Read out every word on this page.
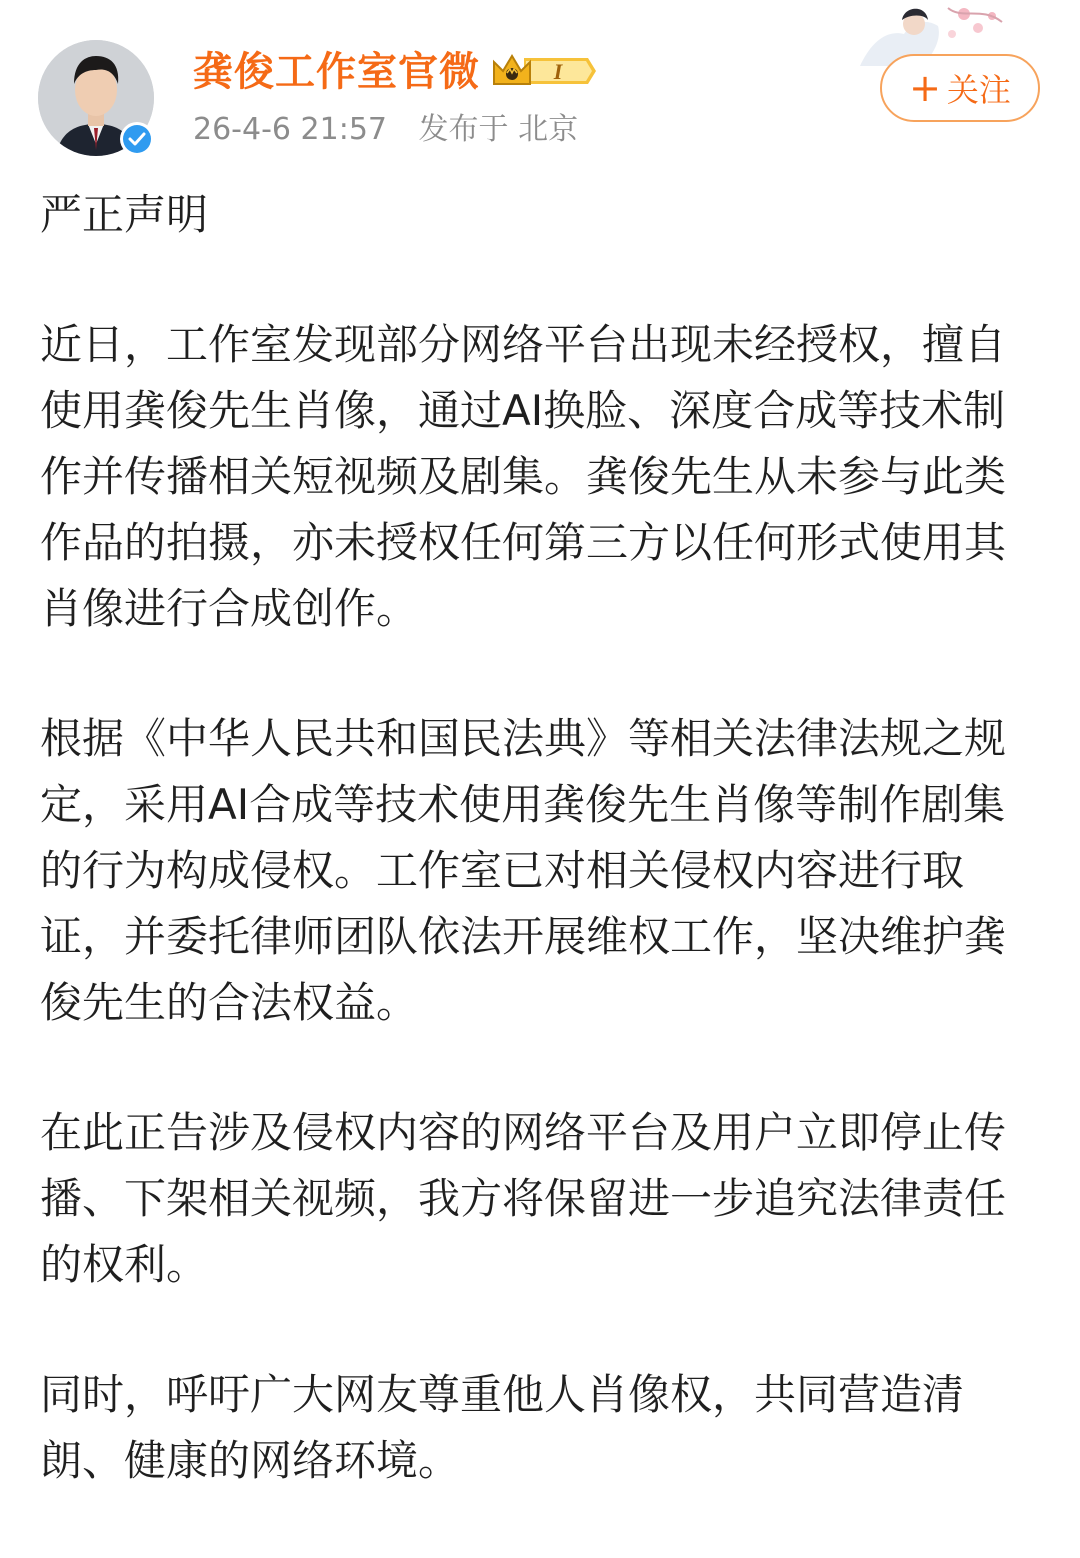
龚俊工作室官微	I
26-4-6 21:57 发布于 北京
+ 关注

严正声明

近日，工作室发现部分网络平台出现未经授权，擅自使用龚俊先生肖像，通过AI换脸、深度合成等技术制作并传播相关短视频及剧集。龚俊先生从未参与此类作品的拍摄，亦未授权任何第三方以任何形式使用其肖像进行合成创作。

根据《中华人民共和国民法典》等相关法律法规之规定，采用AI合成等技术使用龚俊先生肖像等制作剧集的行为构成侵权。工作室已对相关侵权内容进行取证，并委托律师团队依法开展维权工作，坚决维护龚俊先生的合法权益。

在此正告涉及侵权内容的网络平台及用户立即停止传播、下架相关视频，我方将保留进一步追究法律责任的权利。

同时，呼吁广大网友尊重他人肖像权，共同营造清朗、健康的网络环境。
